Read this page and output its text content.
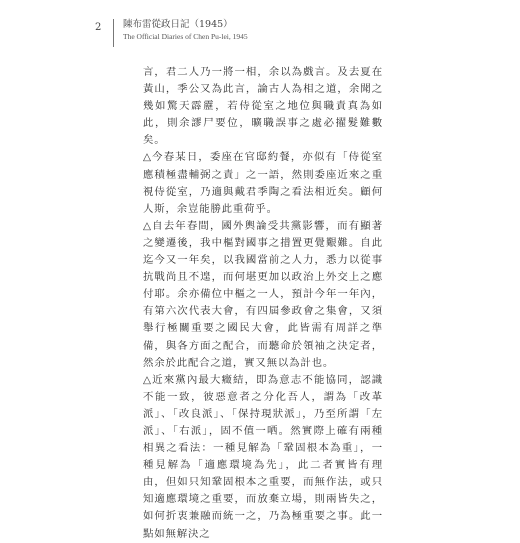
2 陳布雷從政日記（1945）
The Official Diaries of Chen Pu-lei, 1945

言，君二人乃一將一相，余以為戲言。及去夏在黃山，季公又為此言，論古人為相之道，余聞之幾如驚天霹靂，若侍從室之地位與職責真為如此，則余謬尸要位，曠職誤事之處必擢髮難數矣。

△今春某日，委座在官邸約餐，亦似有「侍從室應積極盡輔弼之責」之一語，然則委座近來之重視侍從室，乃適與戴君季陶之看法相近矣。顧何人斯，余豈能勝此重荷乎。

△自去年春間，國外輿論受共黨影響，而有顯著之變遷後，我中樞對國事之措置更覺艱難。自此迄今又一年矣，以我國當前之人力，悉力以從事抗戰尚且不遑，而何堪更加以政治上外交上之應付耶。余亦備位中樞之一人，預計今年一年內，有第六次代表大會，有四屆參政會之集會，又須舉行極關重要之國民大會，此皆需有周詳之準備，與各方面之配合，而聽命於領袖之決定者，然余於此配合之道，實又無以為計也。

△近來黨內最大癥結，即為意志不能協同，認識不能一致，彼惡意者之分化吾人，謂為「改革派」、「改良派」、「保持現狀派」，乃至所謂「左派」、「右派」，固不值一哂。然實際上確有兩種相異之看法：一種見解為「鞏固根本為重」，一種見解為「適應環境為先」，此二者實皆有理由，但如只知鞏固根本之重要，而無作法，或只知適應環境之重要，而放棄立場，則兩皆失之，如何折衷兼融而統一之，乃為極重要之事。此一點如無解決之
